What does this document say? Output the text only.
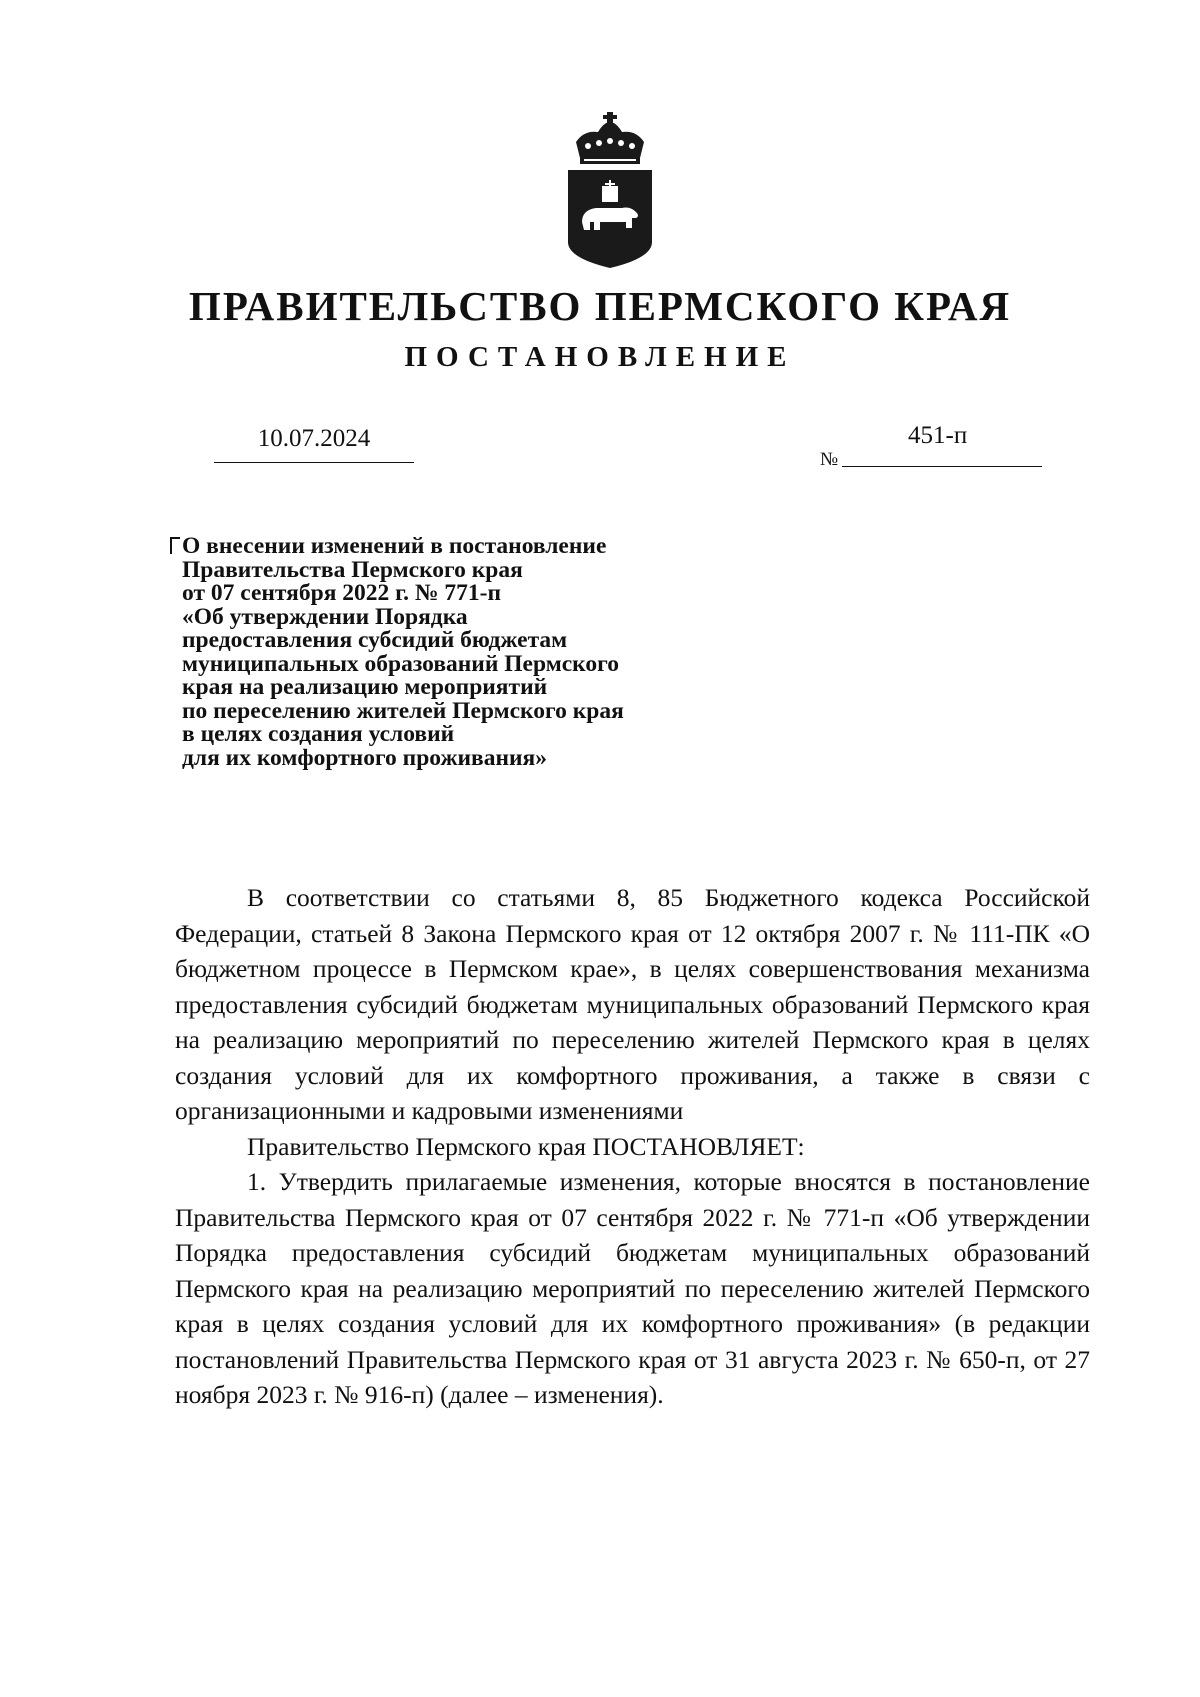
ПРАВИТЕЛЬСТВО ПЕРМСКОГО КРАЯ
ПОСТАНОВЛЕНИЕ
10.07.2024	451-п
№
О внесении изменений в постановление
Правительства Пермского края
от 07 сентября 2022 г. № 771-п
«Об утверждении Порядка
предоставления субсидий бюджетам
муниципальных образований Пермского
края на реализацию мероприятий
по переселению жителей Пермского края
в целях создания условий
для их комфортного проживания»

В соответствии со статьями 8, 85 Бюджетного кодекса Российской Федерации, статьей 8 Закона Пермского края от 12 октября 2007 г. № 111-ПК «О бюджетном процессе в Пермском крае», в целях совершенствования механизма предоставления субсидий бюджетам муниципальных образований Пермского края на реализацию мероприятий по переселению жителей Пермского края в целях создания условий для их комфортного проживания, а также в связи с организационными и кадровыми изменениями

Правительство Пермского края ПОСТАНОВЛЯЕТ:

1. Утвердить прилагаемые изменения, которые вносятся в постановление Правительства Пермского края от 07 сентября 2022 г. № 771-п «Об утверждении Порядка предоставления субсидий бюджетам муниципальных образований Пермского края на реализацию мероприятий по переселению жителей Пермского края в целях создания условий для их комфортного проживания» (в редакции постановлений Правительства Пермского края от 31 августа 2023 г. № 650-п, от 27 ноября 2023 г. № 916-п) (далее – изменения).
